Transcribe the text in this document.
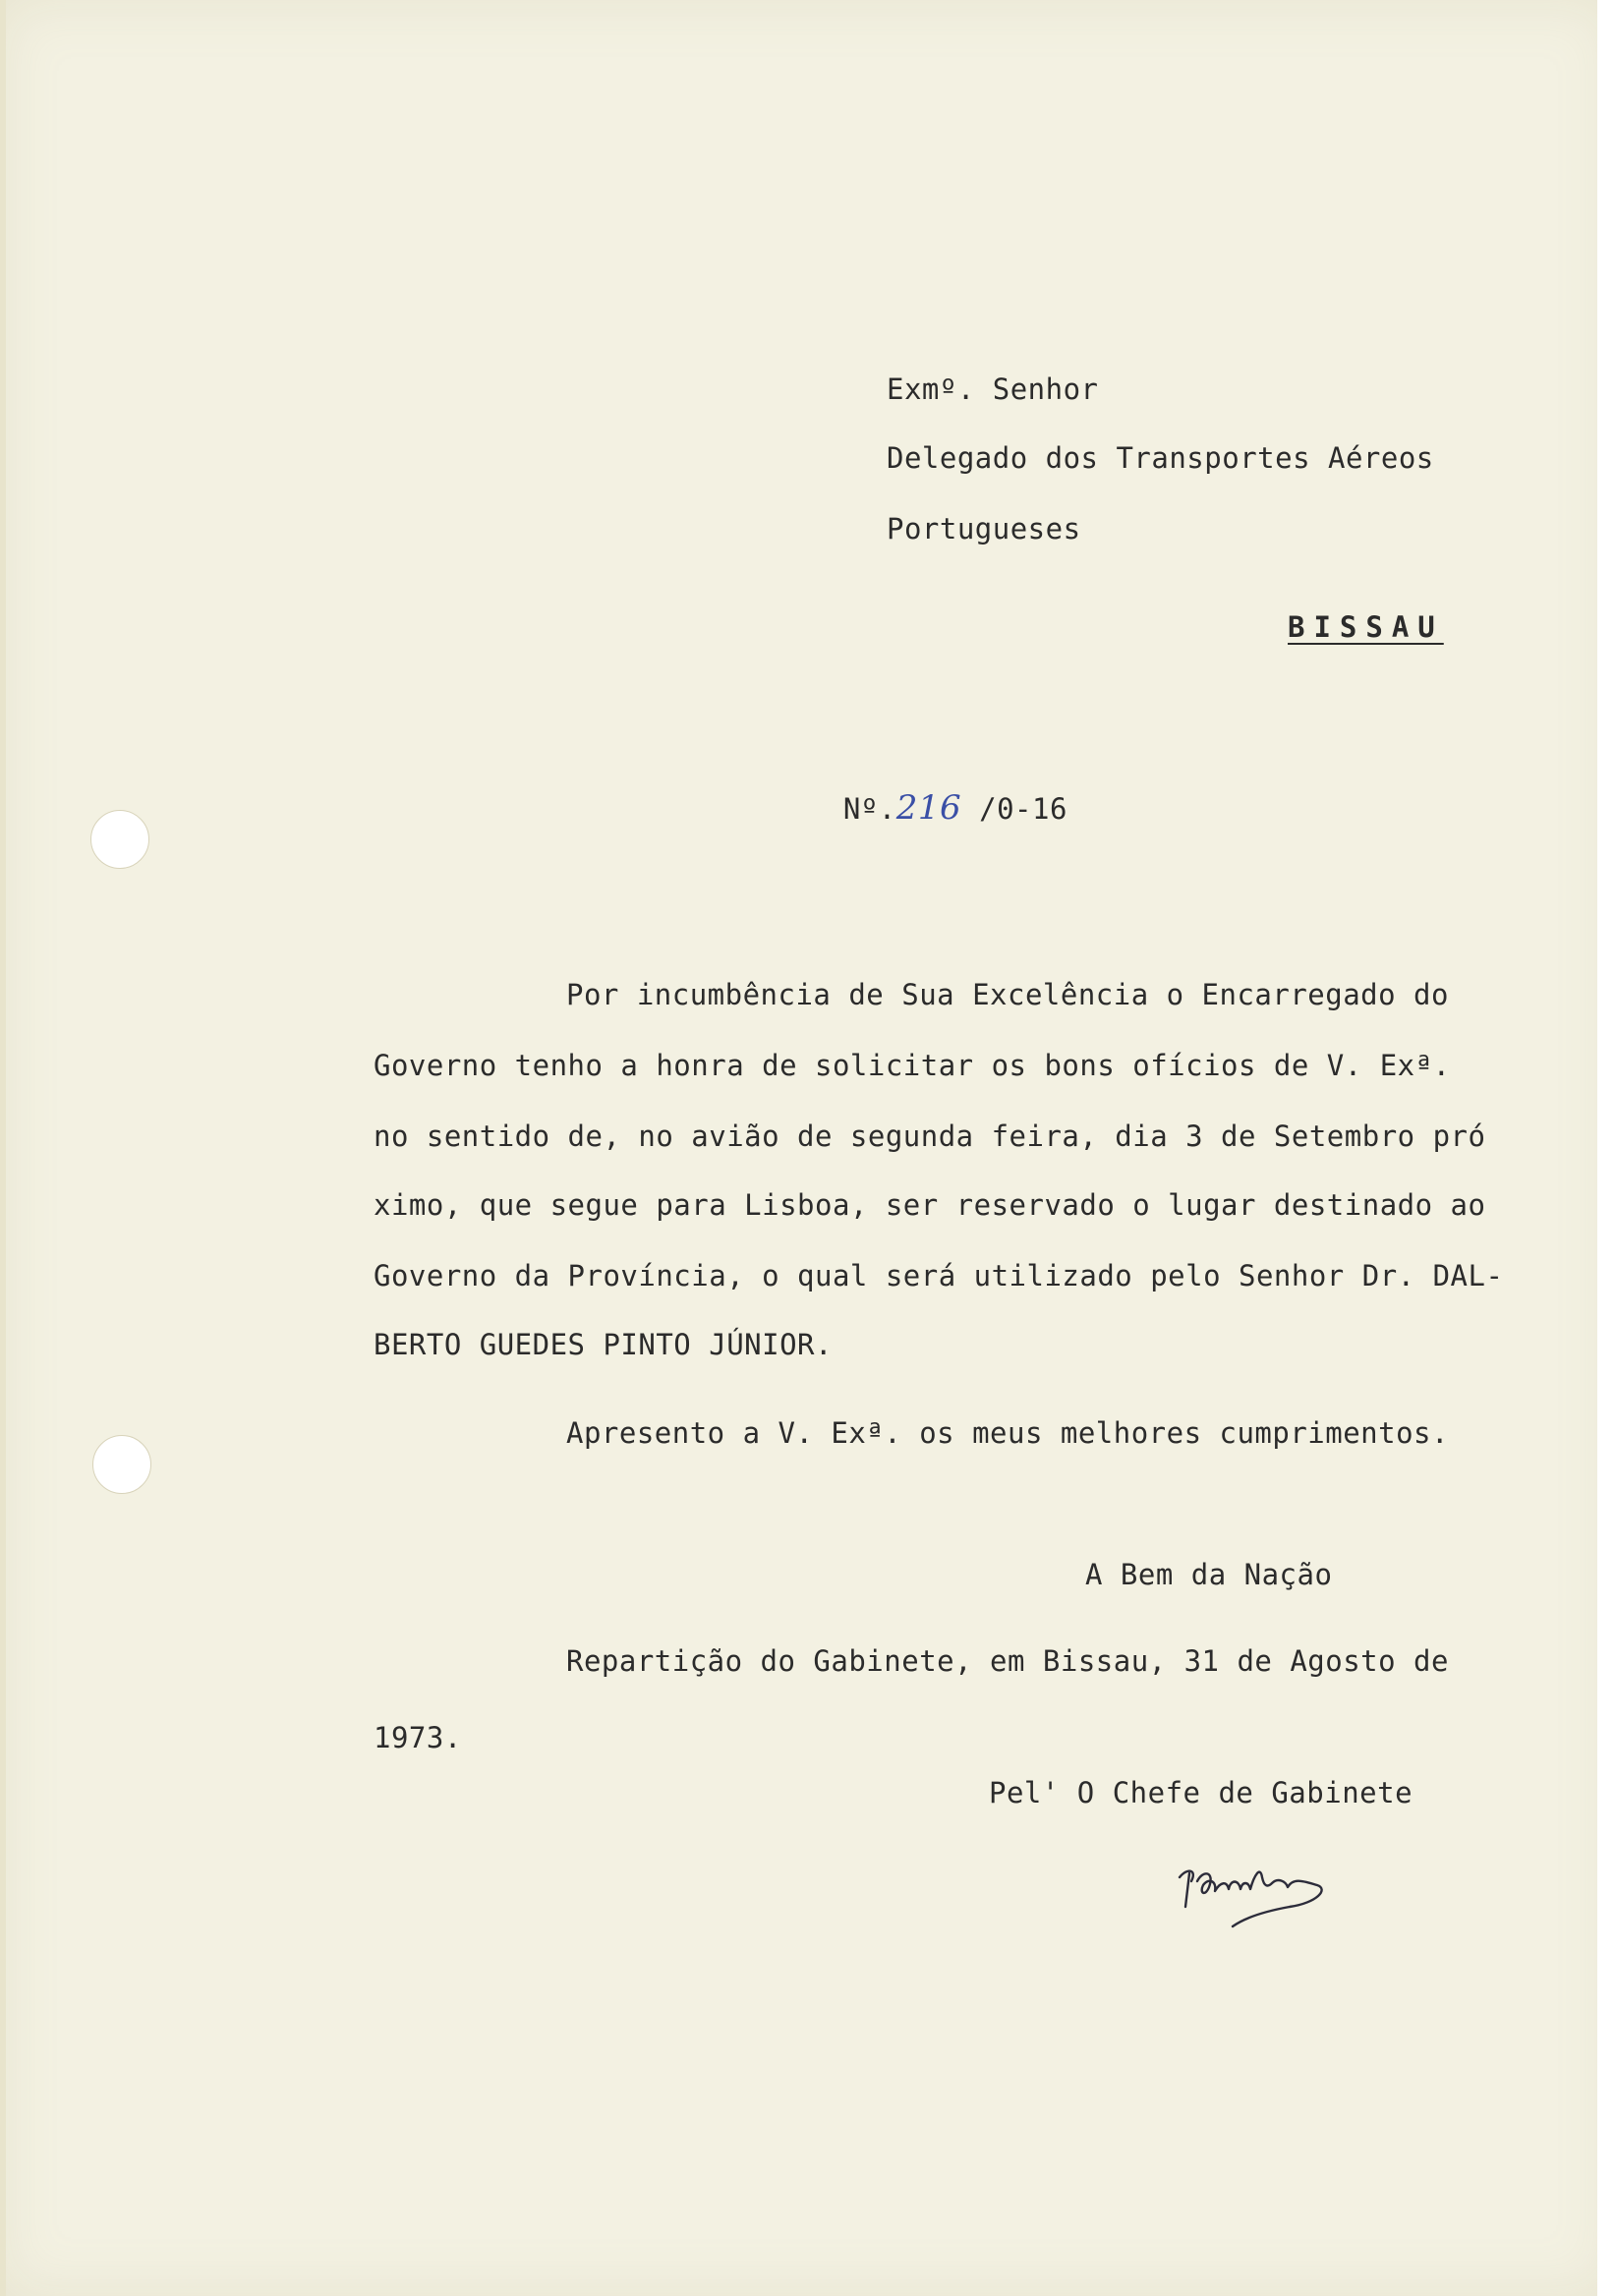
Exmº. Senhor
Delegado dos Transportes Aéreos
Portugueses
BISSAU

Nº.216 /0-16

Por incumbência de Sua Excelência o Encarregado do
Governo tenho a honra de solicitar os bons ofícios de V. Exª.
no sentido de, no avião de segunda feira, dia 3 de Setembro pró
ximo, que segue para Lisboa, ser reservado o lugar destinado ao
Governo da Província, o qual será utilizado pelo Senhor Dr. DAL-
BERTO GUEDES PINTO JÚNIOR.
Apresento a V. Exª. os meus melhores cumprimentos.
A Bem da Nação
Repartição do Gabinete, em Bissau, 31 de Agosto de
1973.
Pel' O Chefe de Gabinete
